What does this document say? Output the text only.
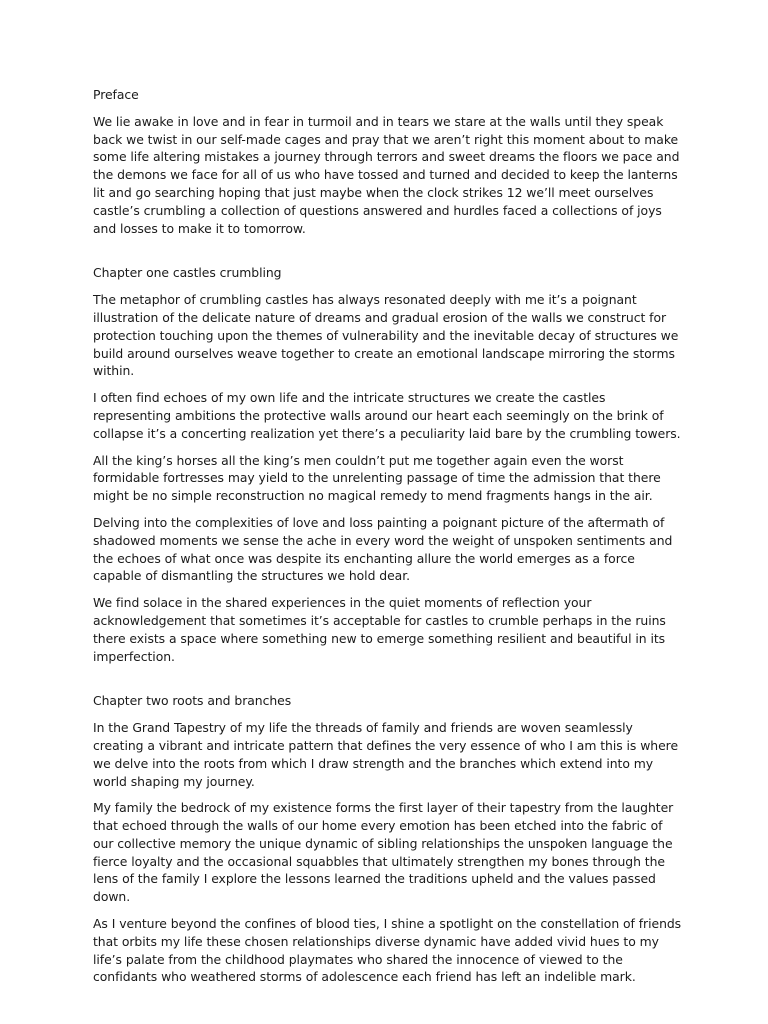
Preface

We lie awake in love and in fear in turmoil and in tears we stare at the walls until they speak back we twist in our self-made cages and pray that we aren’t right this moment about to make some life altering mistakes a journey through terrors and sweet dreams the floors we pace and the demons we face for all of us who have tossed and turned and decided to keep the lanterns lit and go searching hoping that just maybe when the clock strikes 12 we’ll meet ourselves castle’s crumbling a collection of questions answered and hurdles faced a collections of joys and losses to make it to tomorrow.

Chapter one castles crumbling

The metaphor of crumbling castles has always resonated deeply with me it’s a poignant illustration of the delicate nature of dreams and gradual erosion of the walls we construct for protection touching upon the themes of vulnerability and the inevitable decay of structures we build around ourselves weave together to create an emotional landscape mirroring the storms within.

I often find echoes of my own life and the intricate structures we create the castles representing ambitions the protective walls around our heart each seemingly on the brink of collapse it’s a concerting realization yet there’s a peculiarity laid bare by the crumbling towers.

All the king’s horses all the king’s men couldn’t put me together again even the worst formidable fortresses may yield to the unrelenting passage of time the admission that there might be no simple reconstruction no magical remedy to mend fragments hangs in the air.

Delving into the complexities of love and loss painting a poignant picture of the aftermath of shadowed moments we sense the ache in every word the weight of unspoken sentiments and the echoes of what once was despite its enchanting allure the world emerges as a force capable of dismantling the structures we hold dear.

We find solace in the shared experiences in the quiet moments of reflection your acknowledgement that sometimes it’s acceptable for castles to crumble perhaps in the ruins there exists a space where something new to emerge something resilient and beautiful in its imperfection.

Chapter two roots and branches

In the Grand Tapestry of my life the threads of family and friends are woven seamlessly creating a vibrant and intricate pattern that defines the very essence of who I am this is where we delve into the roots from which I draw strength and the branches which extend into my world shaping my journey.

My family the bedrock of my existence forms the first layer of their tapestry from the laughter that echoed through the walls of our home every emotion has been etched into the fabric of our collective memory the unique dynamic of sibling relationships the unspoken language the fierce loyalty and the occasional squabbles that ultimately strengthen my bones through the lens of the family I explore the lessons learned the traditions upheld and the values passed down.

As I venture beyond the confines of blood ties, I shine a spotlight on the constellation of friends that orbits my life these chosen relationships diverse dynamic have added vivid hues to my life’s palate from the childhood playmates who shared the innocence of viewed to the confidants who weathered storms of adolescence each friend has left an indelible mark.
